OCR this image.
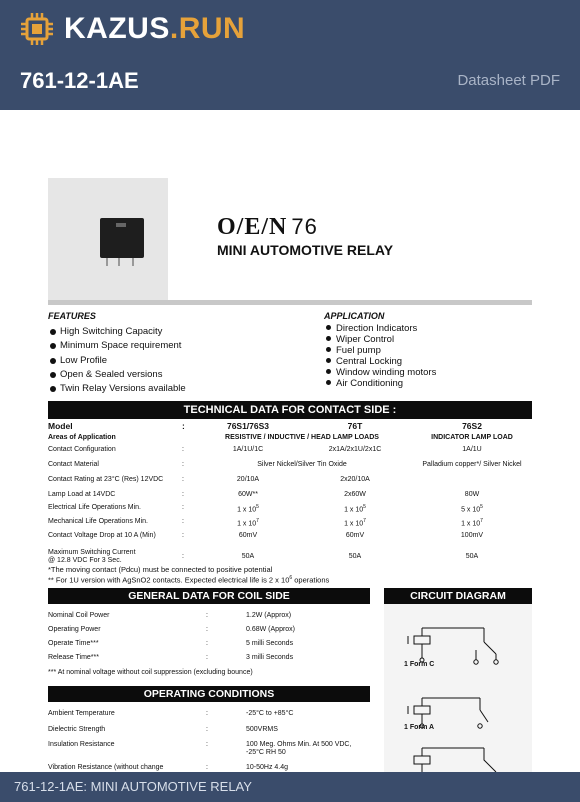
KAZUS.RUN
761-12-1AE	Datasheet PDF
O/E/N 76
MINI AUTOMOTIVE RELAY
FEATURES
High Switching Capacity
Minimum Space requirement
Low Profile
Open & Sealed versions
Twin Relay Versions available
APPLICATION
Direction Indicators
Wiper Control
Fuel pump
Central Locking
Window winding motors
Air Conditioning
TECHNICAL DATA FOR CONTACT SIDE :
Model	:	76S1/76S3	76T	76S2
Areas of Application	RESISTIVE / INDUCTIVE / HEAD LAMP LOADS	INDICATOR LAMP LOAD
Contact Configuration	:	1A/1U/1C	2x1A/2x1U/2x1C	1A/1U
Contact Material	:	Silver Nickel/Silver Tin Oxide	Palladium copper*/ Silver Nickel
Contact Rating at 23°C (Res) 12VDC	:	20/10A	2x20/10A
Lamp Load at 14VDC	:	60W**	2x60W	80W
Electrical Life Operations Min.	:	1 x $10^5$	1 x $10^5$	5 x $10^5$
Mechanical Life Operations Min.	:	1 x $10^7$	1 x $10^7$	1 x $10^7$
Contact Voltage Drop at 10 A (Min)	:	60mV	60mV	100mV
Maximum Switching Current
@ 12.8 VDC For 3 Sec.
:	50A	50A	50A
*The moving contact (Pdcu) must be connected to positive potential
** For 1U version with AgSnO2 contacts. Expected electrical life is 2 x $10^6$ operations
GENERAL DATA FOR COIL SIDE
Nominal Coil Power	:	1.2W (Approx)
Operating Power	:	0.68W (Approx)
Operate Time***	:	5 milli Seconds
Release Time***	:	3 milli Seconds
*** At nominal voltage without coil suppression (excluding bounce)
OPERATING CONDITIONS
Ambient Temperature	:	-25°C to +85°C
Dielectric Strength	:	500VRMS
Insulation Resistance	:	100 Meg. Ohms Min. At 500 VDC,
-25°C RH 50
Vibration Resistance (without change	:	10-50Hz 4.4g
CIRCUIT DIAGRAM
1 Form C
1 Form A
761-12-1AE: MINI AUTOMOTIVE RELAY
